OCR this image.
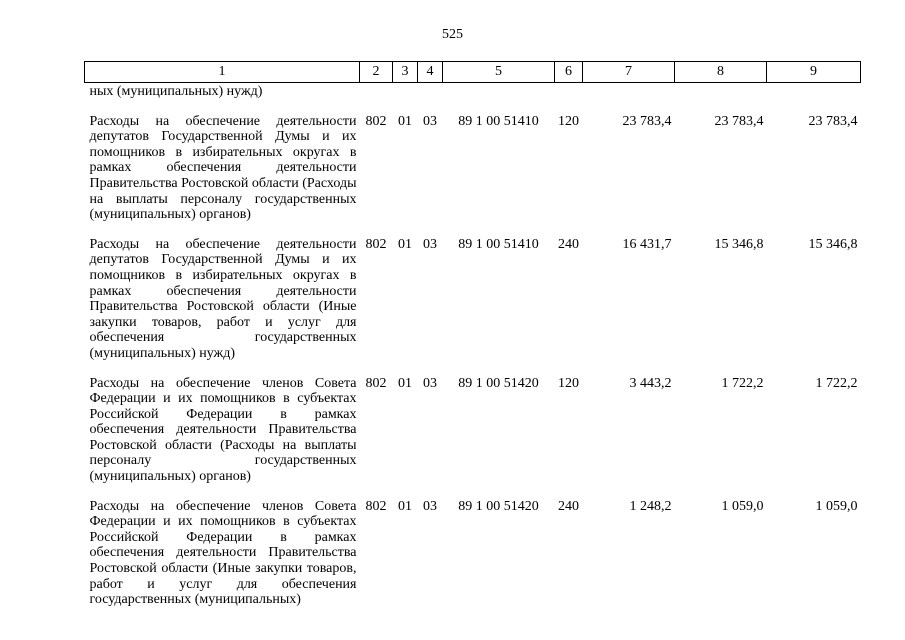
525
1	2	3	4	5	6	7	8	9
ных (муниципальных) нужд)								
Расходы на обеспечение деятельности депутатов Государственной Думы и их помощников в избирательных округах в рамках обеспечения деятельности Правительства Ростовской области (Расходы на выплаты персоналу государственных (муниципальных) органов)	802	01	03	89 1 00 51410	120	23 783,4	23 783,4	23 783,4
Расходы на обеспечение деятельности депутатов Государственной Думы и их помощников в избирательных округах в рамках обеспечения деятельности Правительства Ростовской области (Иные закупки товаров, работ и услуг для обеспечения государственных (муниципальных) нужд)	802	01	03	89 1 00 51410	240	16 431,7	15 346,8	15 346,8
Расходы на обеспечение членов Совета Федерации и их помощников в субъектах Российской Федерации в рамках обеспечения деятельности Правительства Ростовской области (Расходы на выплаты персоналу государственных (муниципальных) органов)	802	01	03	89 1 00 51420	120	3 443,2	1 722,2	1 722,2
Расходы на обеспечение членов Совета Федерации и их помощников в субъектах Российской Федерации в рамках обеспечения деятельности Правительства Ростовской области (Иные закупки товаров, работ и услуг для обеспечения государственных (муниципальных)	802	01	03	89 1 00 51420	240	1 248,2	1 059,0	1 059,0
